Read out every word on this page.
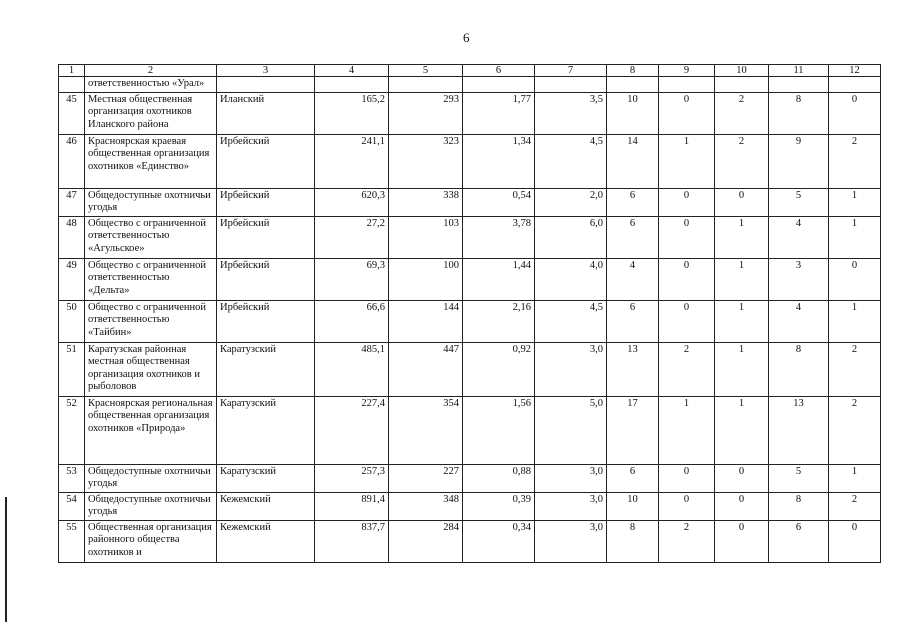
6
1	2	3	4	5	6	7	8	9	10	11	12
	ответственностью «Урал»										
45	Местная общественная организация охотников Иланского района	Иланский	165,2	293	1,77	3,5	10	0	2	8	0
46	Красноярская краевая общественная организация охотников «Единство»	Ирбейский	241,1	323	1,34	4,5	14	1	2	9	2
47	Общедоступные охотничьи угодья	Ирбейский	620,3	338	0,54	2,0	6	0	0	5	1
48	Общество с ограниченной ответственностью «Агульское»	Ирбейский	27,2	103	3,78	6,0	6	0	1	4	1
49	Общество с ограниченной ответственностью «Дельта»	Ирбейский	69,3	100	1,44	4,0	4	0	1	3	0
50	Общество с ограниченной ответственностью «Тайбин»	Ирбейский	66,6	144	2,16	4,5	6	0	1	4	1
51	Каратузская районная местная общественная организация охотников и рыболовов	Каратузский	485,1	447	0,92	3,0	13	2	1	8	2
52	Красноярская региональная общественная организация охотников «Природа»	Каратузский	227,4	354	1,56	5,0	17	1	1	13	2
53	Общедоступные охотничьи угодья	Каратузский	257,3	227	0,88	3,0	6	0	0	5	1
54	Общедоступные охотничьи угодья	Кежемский	891,4	348	0,39	3,0	10	0	0	8	2
55	Общественная организация районного общества охотников и	Кежемский	837,7	284	0,34	3,0	8	2	0	6	0
